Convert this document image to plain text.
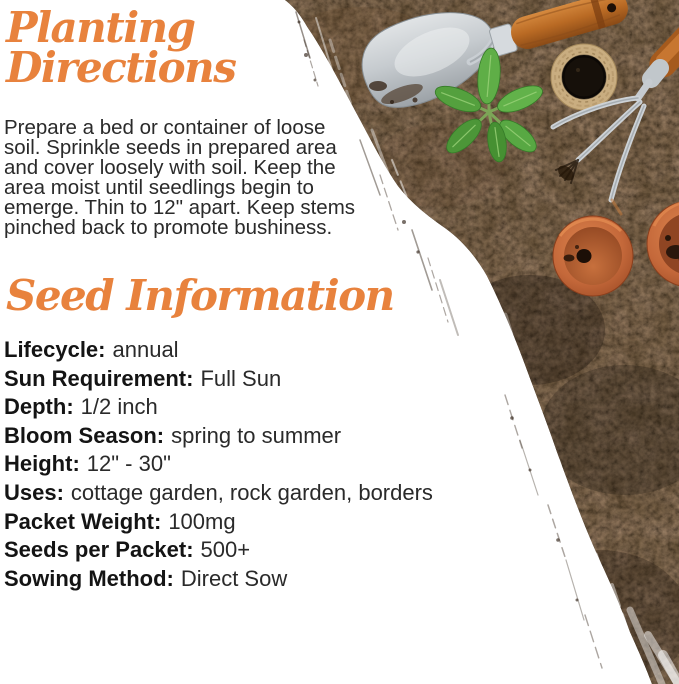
Planting
Directions

Prepare a bed or container of loose soil. Sprinkle seeds in prepared area and cover loosely with soil. Keep the area moist until seedlings begin to emerge. Thin to 12" apart. Keep stems pinched back to promote bushiness.

Seed Information
Lifecycle: annual
Sun Requirement: Full Sun
Depth: 1/2 inch
Bloom Season: spring to summer
Height: 12" - 30"
Uses: cottage garden, rock garden, borders
Packet Weight: 100mg
Seeds per Packet: 500+
Sowing Method: Direct Sow
